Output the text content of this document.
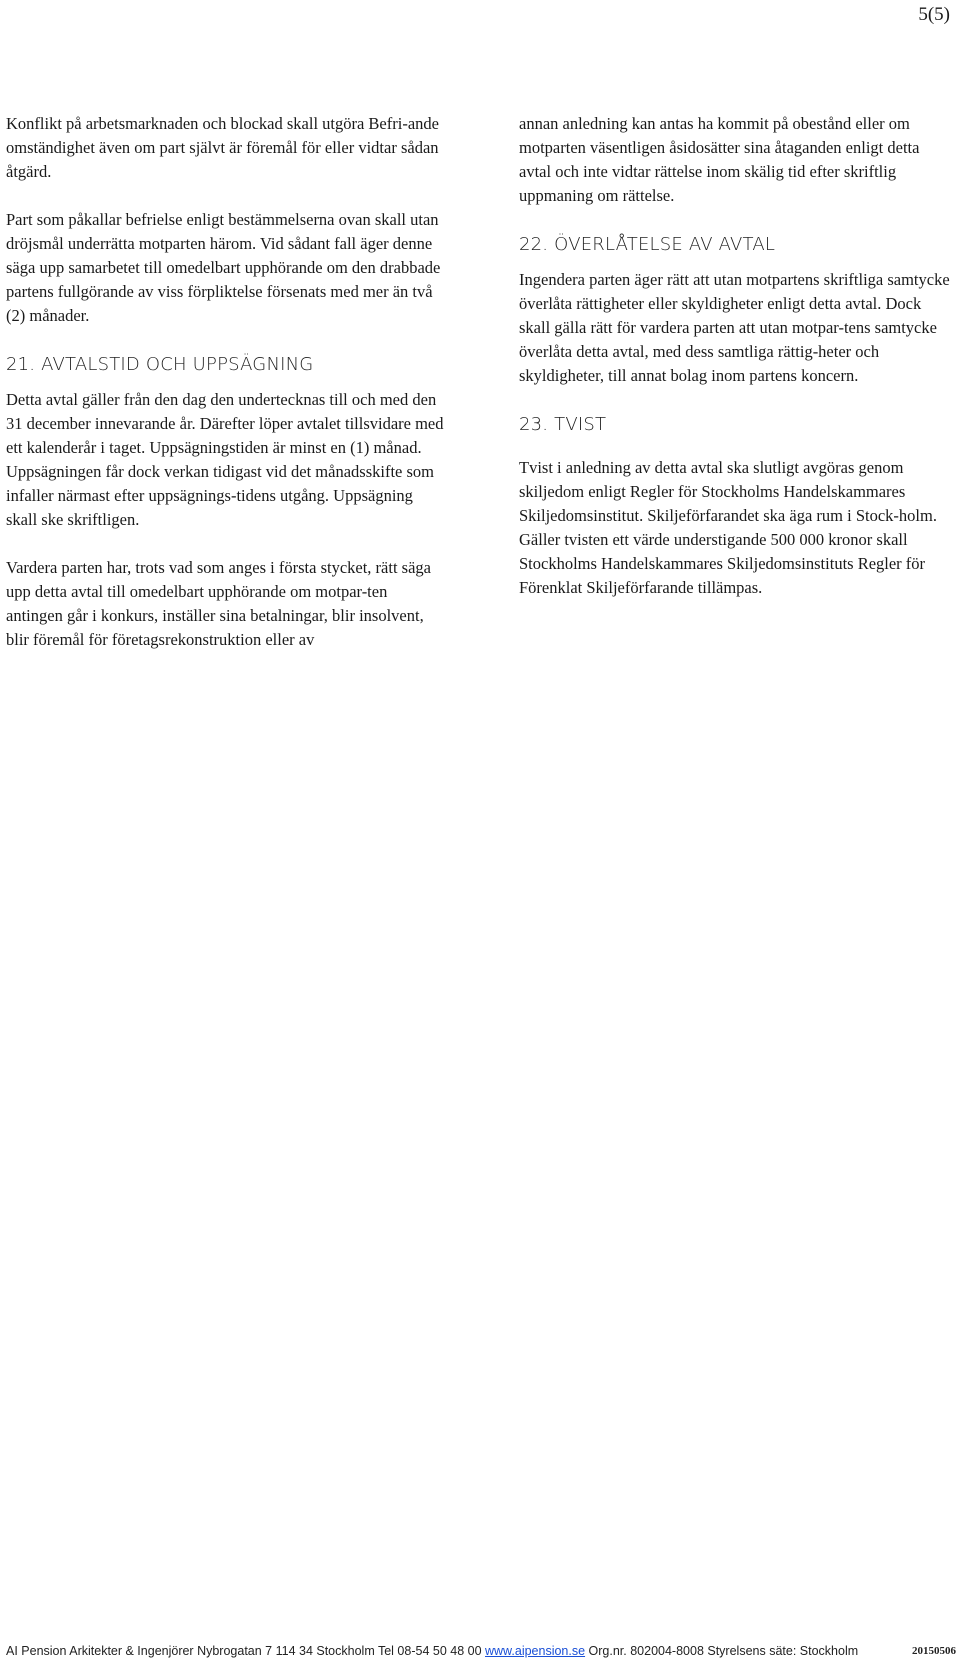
5(5)

Konflikt på arbetsmarknaden och blockad skall utgöra Befri-ande omständighet även om part självt är föremål för eller vidtar sådan åtgärd.

Part som påkallar befrielse enligt bestämmelserna ovan skall utan dröjsmål underrätta motparten härom. Vid sådant fall äger denne säga upp samarbetet till omedelbart upphörande om den drabbade partens fullgörande av viss förpliktelse försenats med mer än två (2) månader.

21. AVTALSTID OCH UPPSÄGNING

Detta avtal gäller från den dag den undertecknas till och med den 31 december innevarande år. Därefter löper avtalet tillsvidare med ett kalenderår i taget. Uppsägningstiden är minst en (1) månad. Uppsägningen får dock verkan tidigast vid det månadsskifte som infaller närmast efter uppsägnings-tidens utgång. Uppsägning skall ske skriftligen.

Vardera parten har, trots vad som anges i första stycket, rätt säga upp detta avtal till omedelbart upphörande om motpar-ten antingen går i konkurs, inställer sina betalningar, blir insolvent, blir föremål för företagsrekonstruktion eller av

annan anledning kan antas ha kommit på obestånd eller om motparten väsentligen åsidosätter sina åtaganden enligt detta avtal och inte vidtar rättelse inom skälig tid efter skriftlig uppmaning om rättelse.

22. ÖVERLÅTELSE AV AVTAL

Ingendera parten äger rätt att utan motpartens skriftliga samtycke överlåta rättigheter eller skyldigheter enligt detta avtal. Dock skall gälla rätt för vardera parten att utan motpar-tens samtycke överlåta detta avtal, med dess samtliga rättig-heter och skyldigheter, till annat bolag inom partens koncern.

23. TVIST

Tvist i anledning av detta avtal ska slutligt avgöras genom skiljedom enligt Regler för Stockholms Handelskammares Skiljedomsinstitut. Skiljeförfarandet ska äga rum i Stock-holm. Gäller tvisten ett värde understigande 500 000 kronor skall Stockholms Handelskammares Skiljedomsinstituts Regler för Förenklat Skiljeförfarande tillämpas.

AI Pension Arkitekter & Ingenjörer Nybrogatan 7 114 34 Stockholm Tel 08-54 50 48 00 www.aipension.se Org.nr. 802004-8008 Styrelsens säte: Stockholm	20150506
